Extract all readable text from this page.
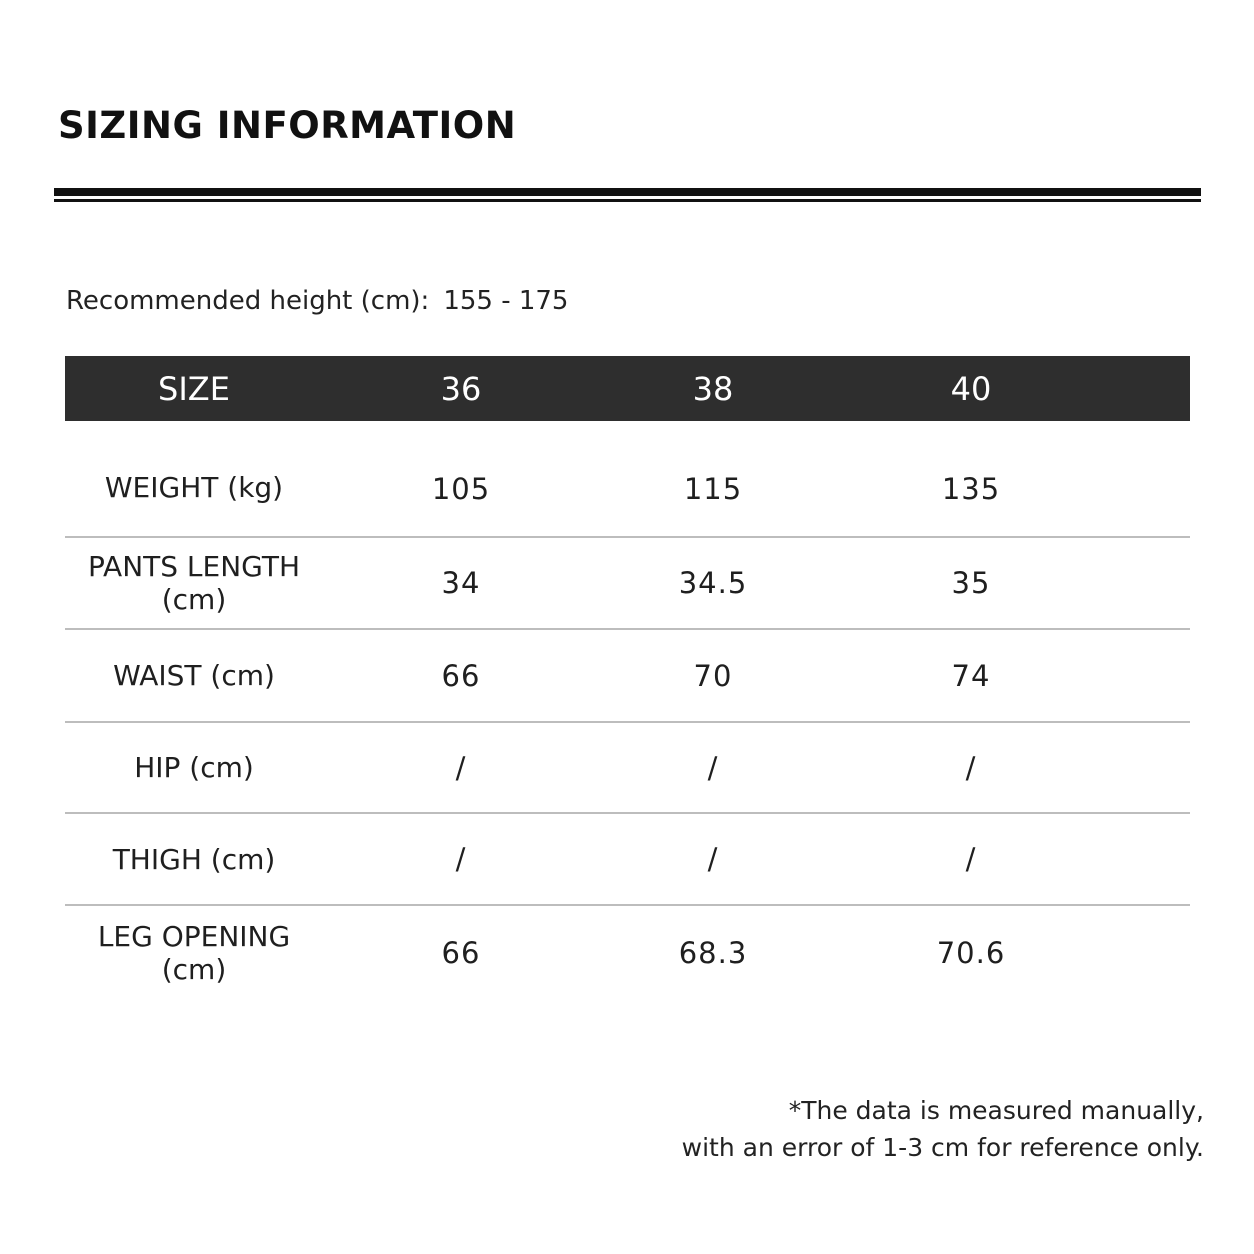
SIZING INFORMATION
Recommended height (cm): 155 - 175
SIZE	36	38	40	
WEIGHT (kg)	105	115	135	
PANTS LENGTH (cm)	34	34.5	35	
WAIST (cm)	66	70	74	
HIP (cm)	/	/	/	
THIGH (cm)	/	/	/	
LEG OPENING (cm)	66	68.3	70.6	
*The data is measured manually,
with an error of 1-3 cm for reference only.
